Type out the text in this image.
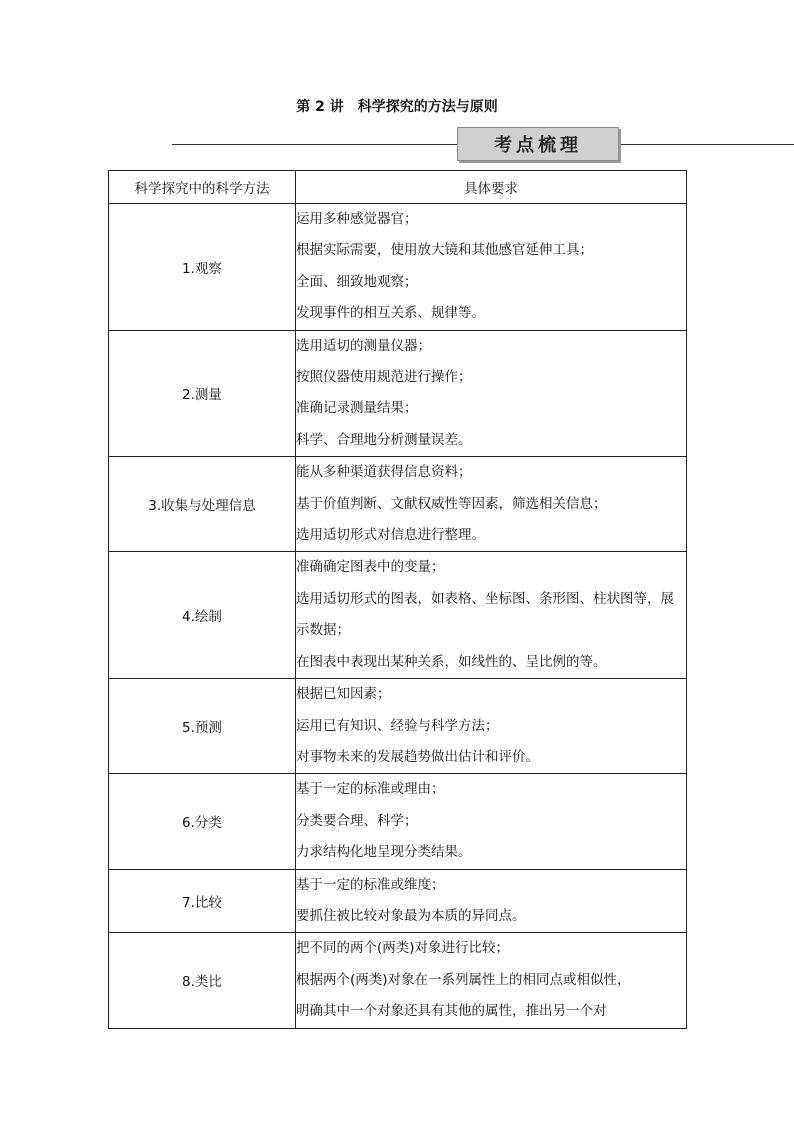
第 2 讲　科学探究的方法与原则
考点梳理
科学探究中的科学方法	具体要求
1.观察	运用多种感觉器官；
根据实际需要，使用放大镜和其他感官延伸工具；
全面、细致地观察；
发现事件的相互关系、规律等。

2.测量	选用适切的测量仪器；
按照仪器使用规范进行操作；
准确记录测量结果；
科学、合理地分析测量误差。

3.收集与处理信息	能从多种渠道获得信息资料；
基于价值判断、文献权威性等因素，筛选相关信息；
选用适切形式对信息进行整理。

4.绘制	准确确定图表中的变量；
选用适切形式的图表，如表格、坐标图、条形图、柱状图等，展示数据；
在图表中表现出某种关系，如线性的、呈比例的等。

5.预测	根据已知因素；
运用已有知识、经验与科学方法；
对事物未来的发展趋势做出估计和评价。

6.分类	基于一定的标准或理由；
分类要合理、科学；
力求结构化地呈现分类结果。

7.比较	基于一定的标准或维度；
要抓住被比较对象最为本质的异同点。

8.类比	把不同的两个(两类)对象进行比较；
根据两个(两类)对象在一系列属性上的相同点或相似性，
明确其中一个对象还具有其他的属性，推出另一个对
